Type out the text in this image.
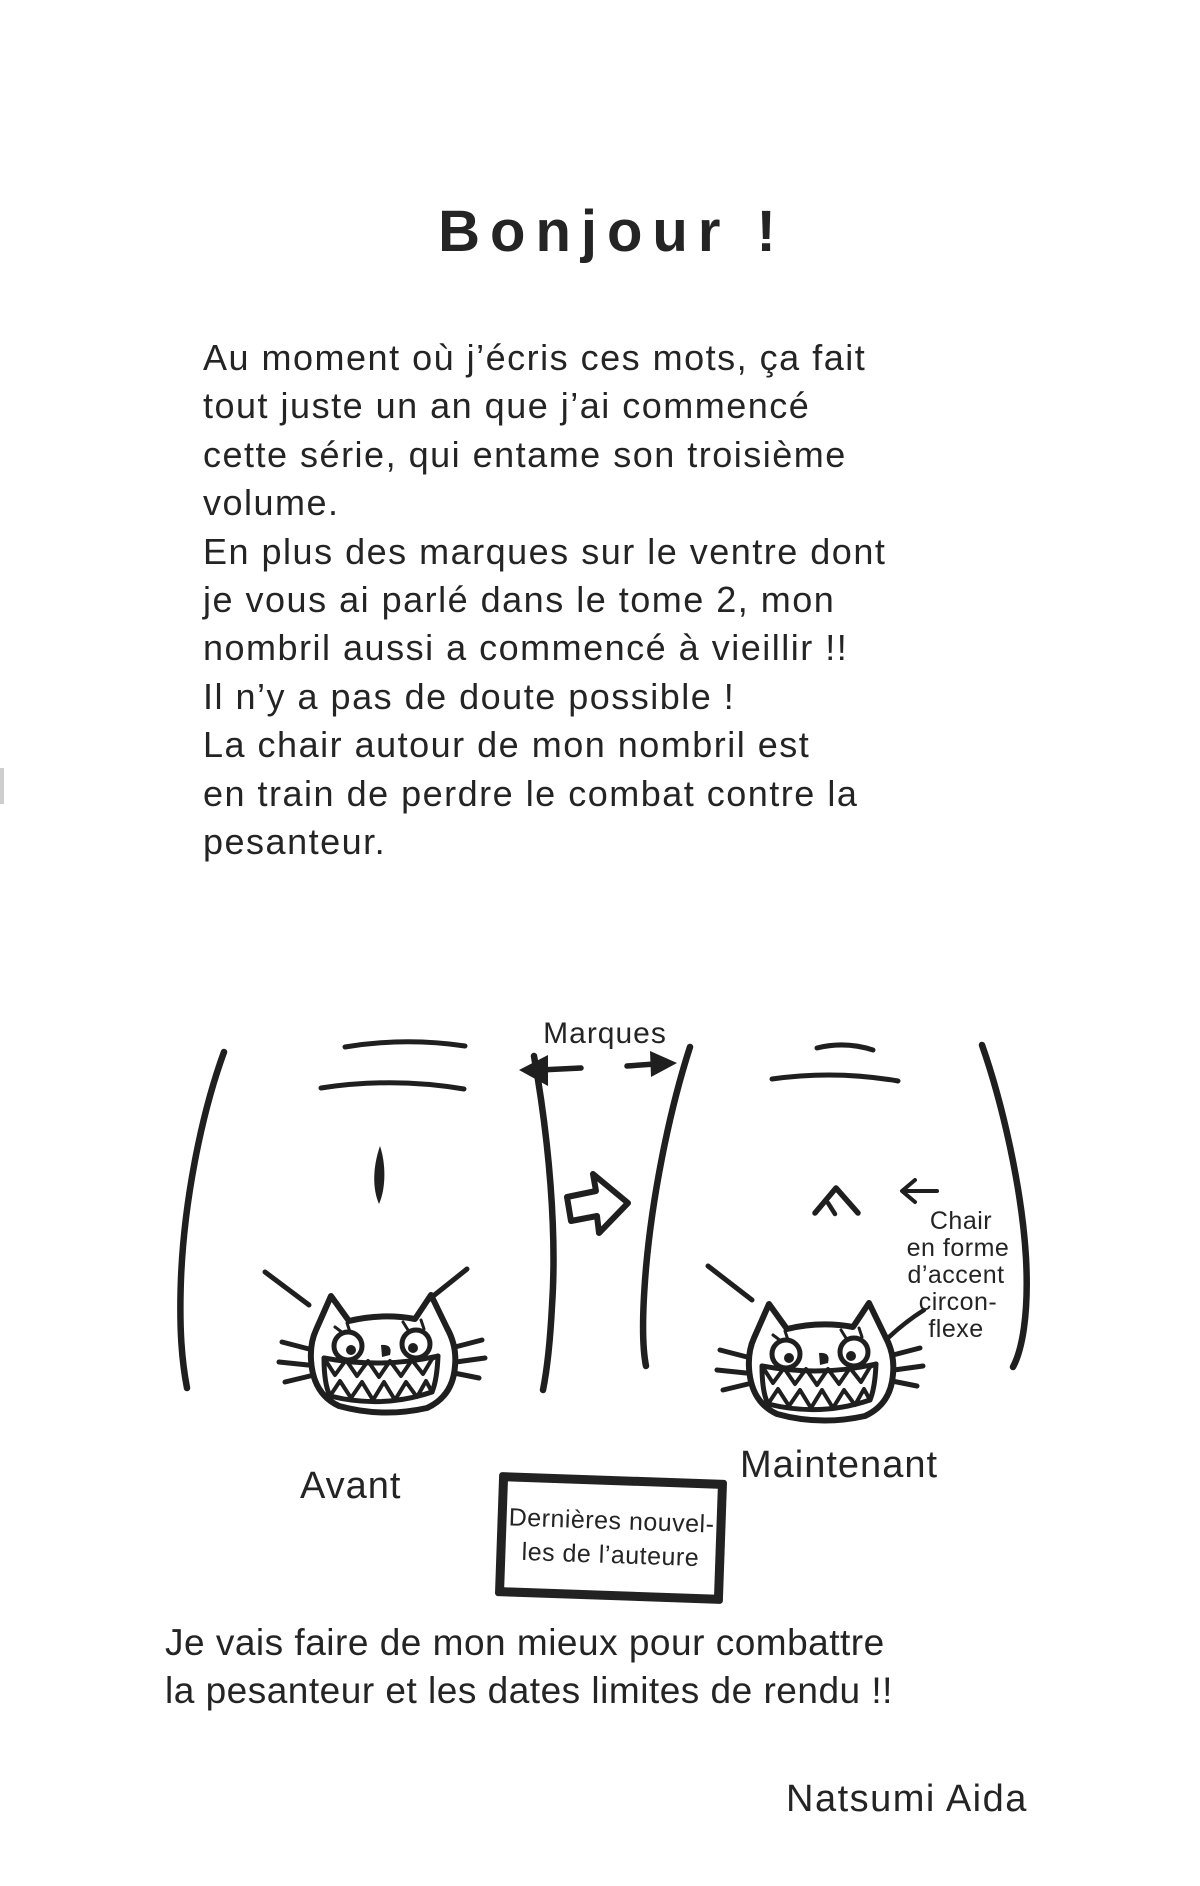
Bonjour !
Au moment où j’écris ces mots, ça fait
tout juste un an que j’ai commencé
cette série, qui entame son troisième
volume.
En plus des marques sur le ventre dont
je vous ai parlé dans le tome 2, mon
nombril aussi a commencé à vieillir !!
Il n’y a pas de doute possible !
La chair autour de mon nombril est
en train de perdre le combat contre la
pesanteur.
Marques
Chair
en forme
d’accent
circon-
flexe
Avant	Maintenant
Dernières nouvel-
les de l’auteure
Je vais faire de mon mieux pour combattre
la pesanteur et les dates limites de rendu !!
Natsumi Aida
